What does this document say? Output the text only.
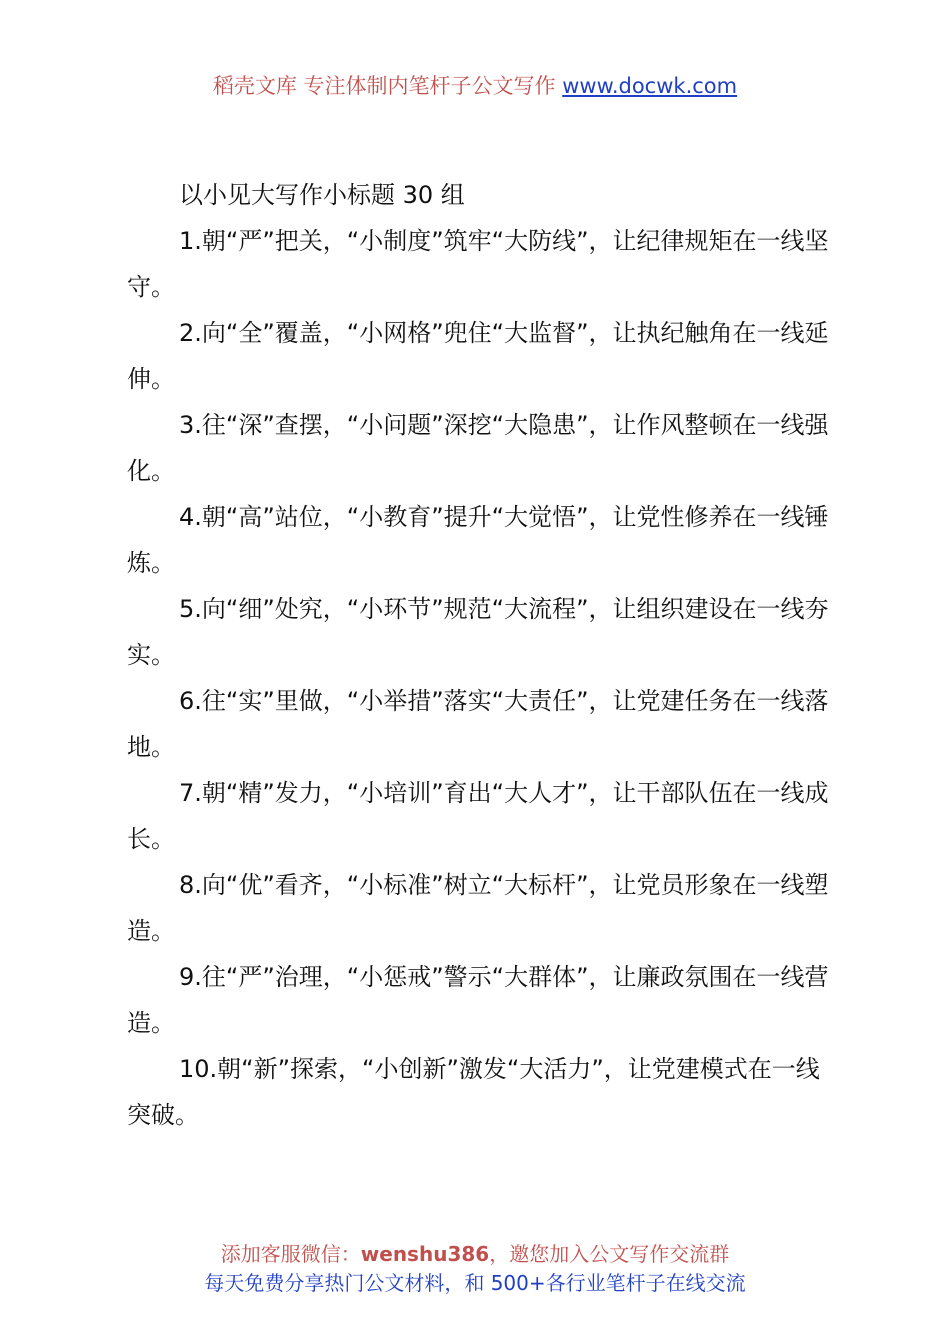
稻壳文库 专注体制内笔杆子公文写作 www.docwk.com

以小见大写作小标题 30 组

1.朝“严”把关，“小制度”筑牢“大防线”，让纪律规矩在一线坚守。

2.向“全”覆盖，“小网格”兜住“大监督”，让执纪触角在一线延伸。

3.往“深”查摆，“小问题”深挖“大隐患”，让作风整顿在一线强化。

4.朝“高”站位，“小教育”提升“大觉悟”，让党性修养在一线锤炼。

5.向“细”处究，“小环节”规范“大流程”，让组织建设在一线夯实。

6.往“实”里做，“小举措”落实“大责任”，让党建任务在一线落地。

7.朝“精”发力，“小培训”育出“大人才”，让干部队伍在一线成长。

8.向“优”看齐，“小标准”树立“大标杆”，让党员形象在一线塑造。

9.往“严”治理，“小惩戒”警示“大群体”，让廉政氛围在一线营造。

10.朝“新”探索，“小创新”激发“大活力”，让党建模式在一线突破。

添加客服微信：wenshu386，邀您加入公文写作交流群
每天免费分享热门公文材料，和 500+各行业笔杆子在线交流
